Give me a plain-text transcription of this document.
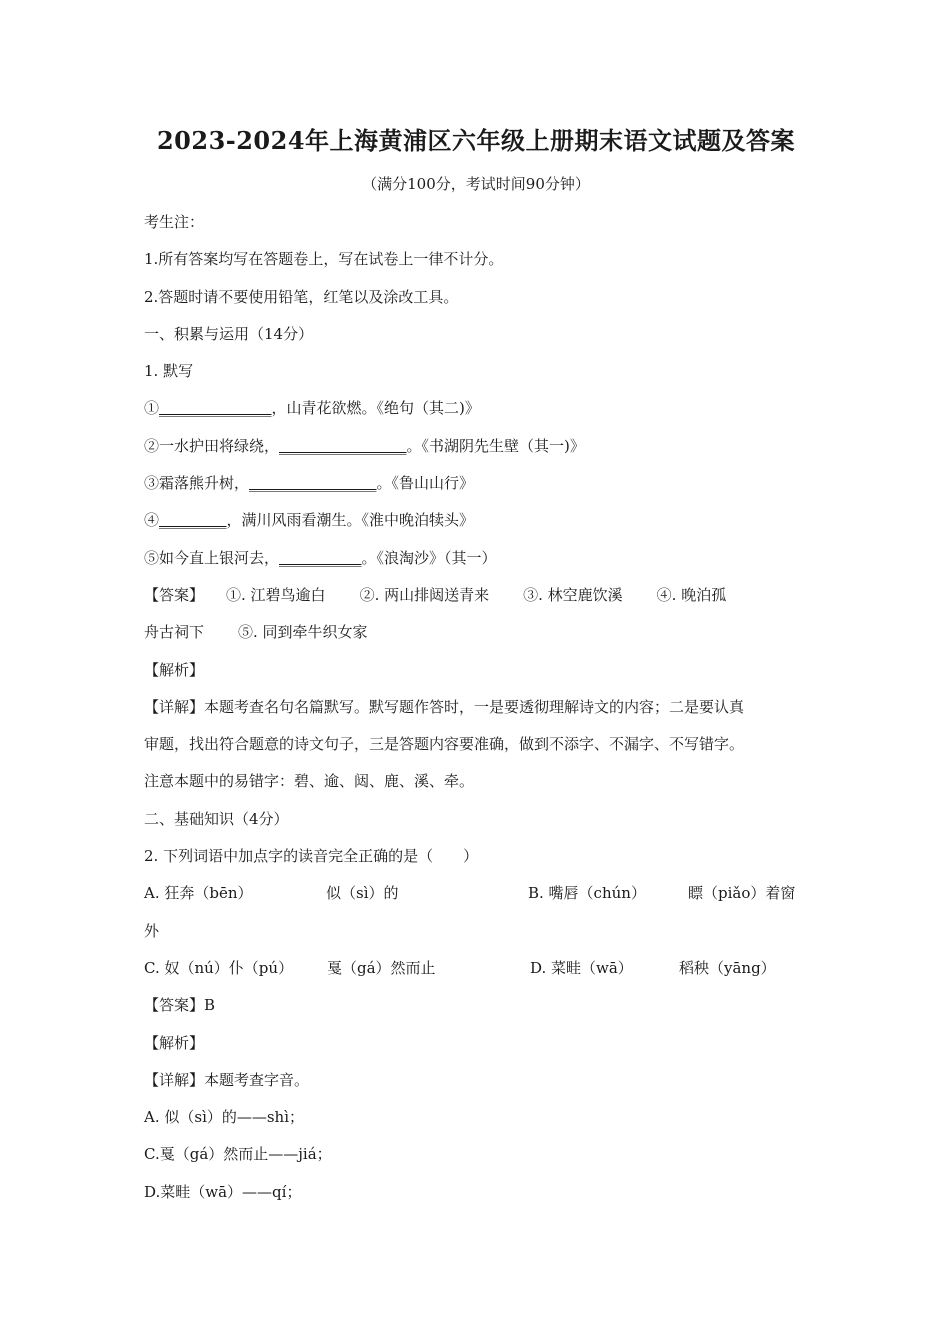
2023-2024年上海黄浦区六年级上册期末语文试题及答案
（满分100分，考试时间90分钟）
考生注：
1.所有答案均写在答题卷上，写在试卷上一律不计分。
2.答题时请不要使用铅笔，红笔以及涂改工具。
一、积累与运用（14分）
1. 默写
①_______________，山青花欲燃。《绝句（其二)》
②一水护田将绿绕，_________________。《书湖阴先生壁（其一)》
③霜落熊升树，_________________。《鲁山山行》
④_________，满川风雨看潮生。《淮中晚泊犊头》
⑤如今直上银河去，___________。《浪淘沙》（其一）
【答案】 ①. 江碧鸟逾白 ②. 两山排闼送青来 ③. 林空鹿饮溪 ④. 晚泊孤
舟古祠下 ⑤. 同到牵牛织女家
【解析】
【详解】本题考查名句名篇默写。默写题作答时，一是要透彻理解诗文的内容；二是要认真
审题，找出符合题意的诗文句子，三是答题内容要准确，做到不添字、不漏字、不写错字。
注意本题中的易错字：碧、逾、闼、鹿、溪、牵。
二、基础知识（4分）
2. 下列词语中加点字的读音完全正确的是（　　）
A. 狂奔（bēn）	似（sì）的	B. 嘴唇（chún）	瞟（piǎo）着窗
外
C. 奴（nú）仆（pú） 戛（gá）然而止	D. 菜畦（wā）	稻秧（yāng）
【答案】B
【解析】
【详解】本题考查字音。
A. 似（sì）的——shì；
C.戛（gá）然而止——jiá；
D.菜畦（wā）——qí；
